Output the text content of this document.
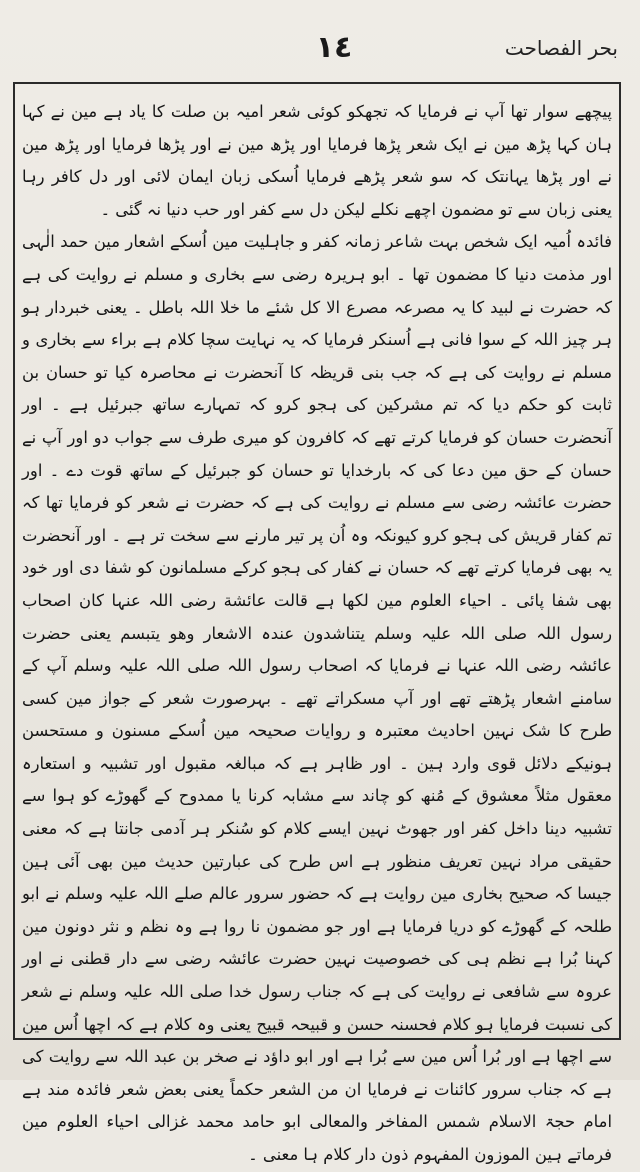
١٤	بحر الفصاحت

پیچھے سوار تھا آپ نے فرمایا کہ تجھکو کوئی شعر امیہ بن صلت کا یاد ہے مین نے کہا ہان کہا پڑھ مین نے ایک شعر پڑھا فرمایا اور پڑھ مین نے اور پڑھا فرمایا اور پڑھ مین نے اور پڑھا یہانتک کہ سو شعر پڑھے فرمایا اُسکی زبان ایمان لائی اور دل کافر رہا یعنی زبان سے تو مضمون اچھے نکلے لیکن دل سے کفر اور حب دنیا نہ گئی ۔

فائدہ اُمیہ ایک شخص بہت شاعر زمانہ کفر و جاہلیت مین اُسکے اشعار مین حمد الٰہی اور مذمت دنیا کا مضمون تھا ۔ ابو ہریرہ رضی سے بخاری و مسلم نے روایت کی ہے کہ حضرت نے لبید کا یہ مصرعہ مصرع الا کل شئے ما خلا اللہ باطل ۔ یعنی خبردار ہو ہر چیز اللہ کے سوا فانی ہے اُسنکر فرمایا کہ یہ نہایت سچا کلام ہے براء سے بخاری و مسلم نے روایت کی ہے کہ جب بنی قریظہ کا آنحضرت نے محاصرہ کیا تو حسان بن ثابت کو حکم دیا کہ تم مشرکین کی ہجو کرو کہ تمہارے ساتھ جبرئیل ہے ۔ اور آنحضرت حسان کو فرمایا کرتے تھے کہ کافرون کو میری طرف سے جواب دو اور آپ نے حسان کے حق مین دعا کی کہ بارخدایا تو حسان کو جبرئیل کے ساتھ قوت دے ۔ اور حضرت عائشہ رضی سے مسلم نے روایت کی ہے کہ حضرت نے شعر کو فرمایا تھا کہ تم کفار قریش کی ہجو کرو کیونکہ وہ اُن پر تیر مارنے سے سخت تر ہے ۔ اور آنحضرت یہ بھی فرمایا کرتے تھے کہ حسان نے کفار کی ہجو کرکے مسلمانون کو شفا دی اور خود بھی شفا پائی ۔ احیاء العلوم مین لکھا ہے قالت عائشة رضی اللہ عنہا کان اصحاب رسول اللہ صلی اللہ علیہ وسلم یتناشدون عندہ الاشعار وھو یتبسم یعنی حضرت عائشہ رضی اللہ عنہا نے فرمایا کہ اصحاب رسول اللہ صلی اللہ علیہ وسلم آپ کے سامنے اشعار پڑھتے تھے اور آپ مسکراتے تھے ۔ بہرصورت شعر کے جواز مین کسی طرح کا شک نہین احادیث معتبرہ و روایات صحیحہ مین اُسکے مسنون و مستحسن ہونیکے دلائل قوی وارد ہین ۔ اور ظاہر ہے کہ مبالغہ مقبول اور تشبیہ و استعارہ معقول مثلاً معشوق کے مُنھ کو چاند سے مشابہ کرنا یا ممدوح کے گھوڑے کو ہوا سے تشبیہ دینا داخل کفر اور جھوٹ نہین ایسے کلام کو سُنکر ہر آدمی جانتا ہے کہ معنی حقیقی مراد نہین تعریف منظور ہے اس طرح کی عبارتین حدیث مین بھی آئی ہین جیسا کہ صحیح بخاری مین روایت ہے کہ حضور سرور عالم صلے اللہ علیہ وسلم نے ابو طلحہ کے گھوڑے کو دریا فرمایا ہے اور جو مضمون نا روا ہے وہ نظم و نثر دونون مین کہنا بُرا ہے نظم ہی کی خصوصیت نہین حضرت عائشہ رضی سے دار قطنی نے اور عروہ سے شافعی نے روایت کی ہے کہ جناب رسول خدا صلی اللہ علیہ وسلم نے شعر کی نسبت فرمایا ہو کلام فحسنہ حسن و قبیحہ قبیح یعنی وہ کلام ہے کہ اچھا اُس مین سے اچھا ہے اور بُرا اُس مین سے بُرا ہے اور ابو داؤد نے صخر بن عبد اللہ سے روایت کی ہے کہ جناب سرور کائنات نے فرمایا ان من الشعر حکماً یعنی بعض شعر فائدہ مند ہے امام حجۃ الاسلام شمس المفاخر والمعالی ابو حامد محمد غزالی احیاء العلوم مین فرماتے ہین الموزون المفہوم ذون دار کلام ہا معنی ۔
